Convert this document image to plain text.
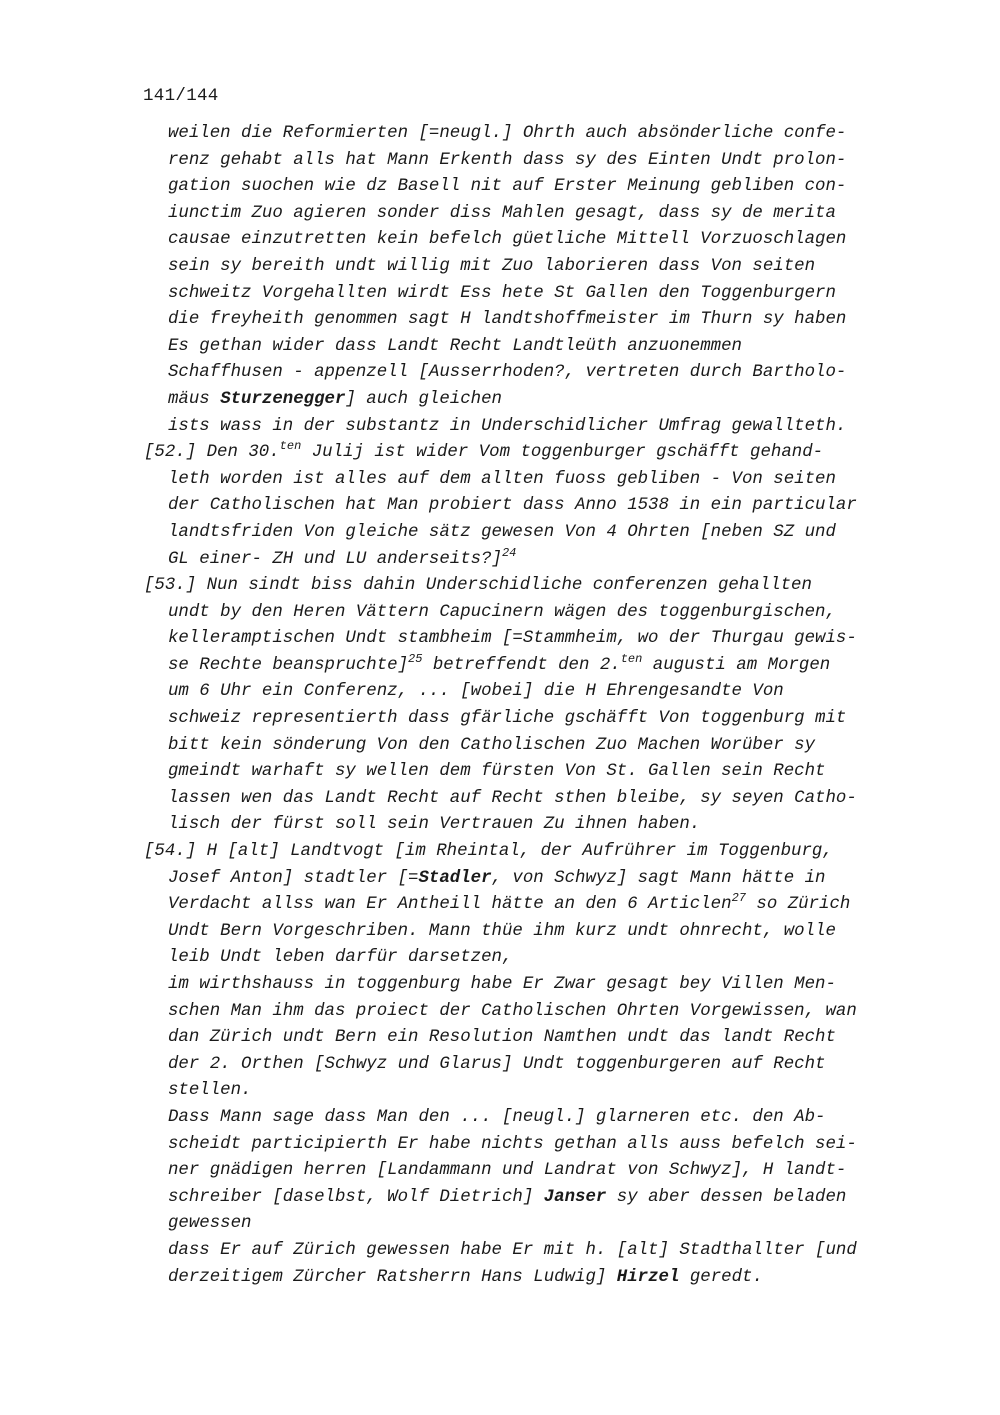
141/144
weilen die Reformierten [=neugl.] Ohrth auch absönderliche confe-
renz gehabt alls hat Mann Erkenth dass sy des Einten Undt prolon-
gation suochen wie dz Basell nit auf Erster Meinung gebliben con-
iunctim Zuo agieren sonder diss Mahlen gesagt, dass sy de merita
causae einzutretten kein befelch güetliche Mittell Vorzuoschlagen
sein sy bereith undt willig mit Zuo laborieren dass Von seiten
schweitz Vorgehallten wirdt Ess hete St Gallen den Toggenburgern
die freyheith genommen sagt H landtshoffmeister im Thurn sy haben
Es gethan wider dass Landt Recht Landtleüth anzuonemmen
Schaffhusen - appenzell [Ausserrhoden?, vertreten durch Bartholo-
mäus Sturzenegger] auch gleichen
ists wass in der substantz in Underschidlicher Umfrag gewallteth.
[52.] Den 30.$^{ten}$ Julij ist wider Vom toggenburger gschäfft gehand-
leth worden ist alles auf dem allten fuoss gebliben - Von seiten
der Catholischen hat Man probiert dass Anno 1538 in ein particular
landtsfriden Von gleiche sätz gewesen Von 4 Ohrten [neben SZ und
GL einer- ZH und LU anderseits?]$^{24}$
[53.] Nun sindt biss dahin Underschidliche conferenzen gehallten
undt by den Heren Vättern Capucinern wägen des toggenburgischen,
kelleramptischen Undt stambheim [=Stammheim, wo der Thurgau gewis-
se Rechte beanspruchte]$^{25}$ betreffendt den 2.$^{ten}$ augusti am Morgen
um 6 Uhr ein Conferenz, ... [wobei] die H Ehrengesandte Von
schweiz representierth dass gfärliche gschäfft Von toggenburg mit
bitt kein sönderung Von den Catholischen Zuo Machen Worüber sy
gmeindt warhaft sy wellen dem fürsten Von St. Gallen sein Recht
lassen wen das Landt Recht auf Recht sthen bleibe, sy seyen Catho-
lisch der fürst soll sein Vertrauen Zu ihnen haben.
[54.] H [alt] Landtvogt [im Rheintal, der Aufrührer im Toggenburg,
Josef Anton] stadtler [=Stadler, von Schwyz] sagt Mann hätte in
Verdacht allss wan Er Antheill hätte an den 6 Articlen$^{27}$ so Zürich
Undt Bern Vorgeschriben. Mann thüe ihm kurz undt ohnrecht, wolle
leib Undt leben darfür darsetzen,
im wirthshauss in toggenburg habe Er Zwar gesagt bey Villen Men-
schen Man ihm das proiect der Catholischen Ohrten Vorgewissen, wan
dan Zürich undt Bern ein Resolution Namthen undt das landt Recht
der 2. Orthen [Schwyz und Glarus] Undt toggenburgeren auf Recht
stellen.
Dass Mann sage dass Man den ... [neugl.] glarneren etc. den Ab-
scheidt participierth Er habe nichts gethan alls auss befelch sei-
ner gnädigen herren [Landammann und Landrat von Schwyz], H landt-
schreiber [daselbst, Wolf Dietrich] Janser sy aber dessen beladen
gewessen
dass Er auf Zürich gewessen habe Er mit h. [alt] Stadthallter [und
derzeitigem Zürcher Ratsherrn Hans Ludwig] Hirzel geredt.
